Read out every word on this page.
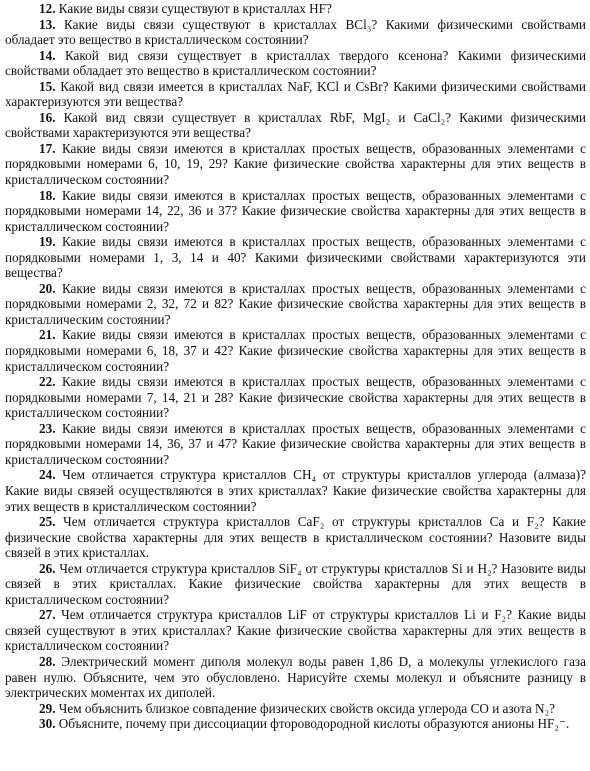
12. Какие виды связи существуют в кристаллах HF?

13. Какие виды связи существуют в кристаллах BCl₃? Какими физическими свойствами обладает это вещество в кристаллическом состоянии?

14. Какой вид связи существует в кристаллах твердого ксенона? Какими физическими свойствами обладает это вещество в кристаллическом состоянии?

15. Какой вид связи имеется в кристаллах NaF, KCl и CsBr? Какими физическими свойствами характеризуются эти вещества?

16. Какой вид связи существует в кристаллах RbF, MgI₂ и CaCl₂? Какими физическими свойствами характеризуются эти вещества?

17. Какие виды связи имеются в кристаллах простых веществ, образованных элементами с порядковыми номерами 6, 10, 19, 29? Какие физические свойства характерны для этих веществ в кристаллическом состоянии?

18. Какие виды связи имеются в кристаллах простых веществ, образованных элементами с порядковыми номерами 14, 22, 36 и 37? Какие физические свойства характерны для этих веществ в кристаллическом состоянии?

19. Какие виды связи имеются в кристаллах простых веществ, образованных элементами с порядковыми номерами 1, 3, 14 и 40? Какими физическими свойствами характеризуются эти вещества?

20. Какие виды связи имеются в кристаллах простых веществ, образованных элементами с порядковыми номерами 2, 32, 72 и 82? Какие физические свойства характерны для этих веществ в кристаллическим состоянии?

21. Какие виды связи имеются в кристаллах простых веществ, образованных элементами с порядковыми номерами 6, 18, 37 и 42? Какие физические свойства характерны для этих веществ в кристаллическом состоянии?

22. Какие виды связи имеются в кристаллах простых веществ, образованных элементами с порядковыми номерами 7, 14, 21 и 28? Какие физические свойства характерны для этих веществ в кристаллическом состоянии?

23. Какие виды связи имеются в кристаллах простых веществ, образованных элементами с порядковыми номерами 14, 36, 37 и 47? Какие физические свойства характерны для этих веществ в кристаллическом состоянии?

24. Чем отличается структура кристаллов CH₄ от структуры кристаллов углерода (алмаза)? Какие виды связей осуществляются в этих кристаллах? Какие физические свойства характерны для этих веществ в кристаллическом состоянии?

25. Чем отличается структура кристаллов CaF₂ от структуры кристаллов Ca и F₂? Какие физические свойства характерны для этих веществ в кристаллическом состоянии? Назовите виды связей в этих кристаллах.

26. Чем отличается структура кристаллов SiF₄ от структуры кристаллов Si и H₂? Назовите виды связей в этих кристаллах. Какие физические свойства характерны для этих веществ в кристаллическом состоянии?

27. Чем отличается структура кристаллов LiF от структуры кристаллов Li и F₂? Какие виды связей существуют в этих кристаллах? Какие физические свойства характерны для этих веществ в кристаллическом состоянии?

28. Электрический момент диполя молекул воды равен 1,86 D, а молекулы углекислого газа равен нулю. Объясните, чем это обусловлено. Нарисуйте схемы молекул и объясните разницу в электрических моментах их диполей.

29. Чем объяснить близкое совпадение физических свойств оксида углерода CO и азота N₂?

30. Объясните, почему при диссоциации фтороводородной кислоты образуются анионы HF₂⁻.
